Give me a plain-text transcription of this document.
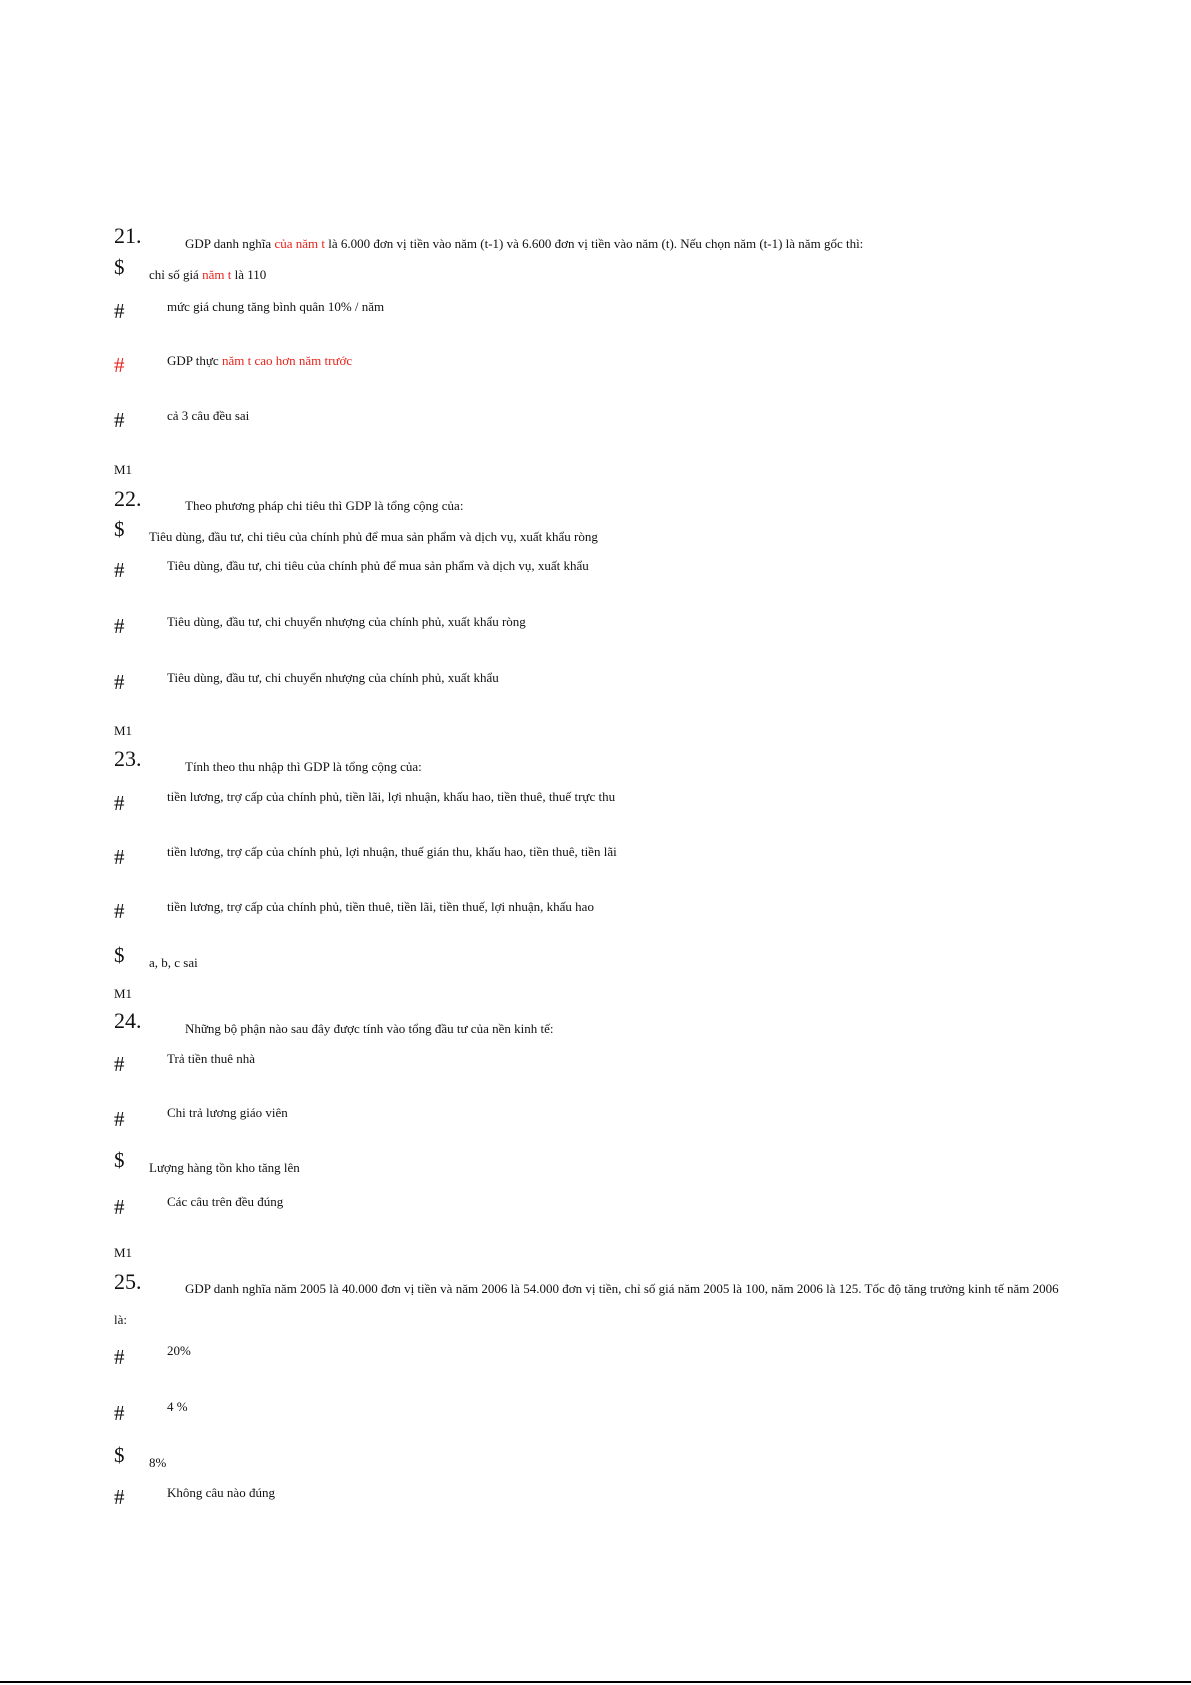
21.	GDP danh nghĩa của năm t là 6.000 đơn vị tiền vào năm (t-1) và 6.600 đơn vị tiền vào năm (t). Nếu chọn năm (t-1) là năm gốc thì:
$ chỉ số giá năm t là 110
#	mức giá chung tăng bình quân 10% / năm
#	GDP thực năm t cao hơn năm trước
#	cả 3 câu đều sai
M1
22.	Theo phương pháp chi tiêu thì GDP là tổng cộng của:
$ Tiêu dùng, đầu tư, chi tiêu của chính phủ để mua sản phẩm và dịch vụ, xuất khẩu ròng
#	Tiêu dùng, đầu tư, chi tiêu của chính phủ để mua sản phẩm và dịch vụ, xuất khẩu
#	Tiêu dùng, đầu tư, chi chuyển nhượng của chính phủ, xuất khẩu ròng
#	Tiêu dùng, đầu tư, chi chuyển nhượng của chính phủ, xuất khẩu
M1
23.	Tính theo thu nhập thì GDP là tổng cộng của:
#	tiền lương, trợ cấp của chính phủ, tiền lãi, lợi nhuận, khấu hao, tiền thuê, thuế trực thu
#	tiền lương, trợ cấp của chính phủ, lợi nhuận, thuế gián thu, khấu hao, tiền thuê, tiền lãi
#	tiền lương, trợ cấp của chính phủ, tiền thuê, tiền lãi, tiền thuế, lợi nhuận, khấu hao
$ a, b, c sai
M1
24.	Những bộ phận nào sau đây được tính vào tổng đầu tư của nền kinh tế:
#	Trả tiền thuê nhà
#	Chi trả lương giáo viên
$ Lượng hàng tồn kho tăng lên
#	Các câu trên đều đúng
M1
25.	GDP danh nghĩa năm 2005 là 40.000 đơn vị tiền và năm 2006 là 54.000 đơn vị tiền, chỉ số giá năm 2005 là 100, năm 2006 là 125. Tốc độ tăng trưởng kinh tế năm 2006
là:
#	20%
#	4 %
$ 8%
#	Không câu nào đúng
